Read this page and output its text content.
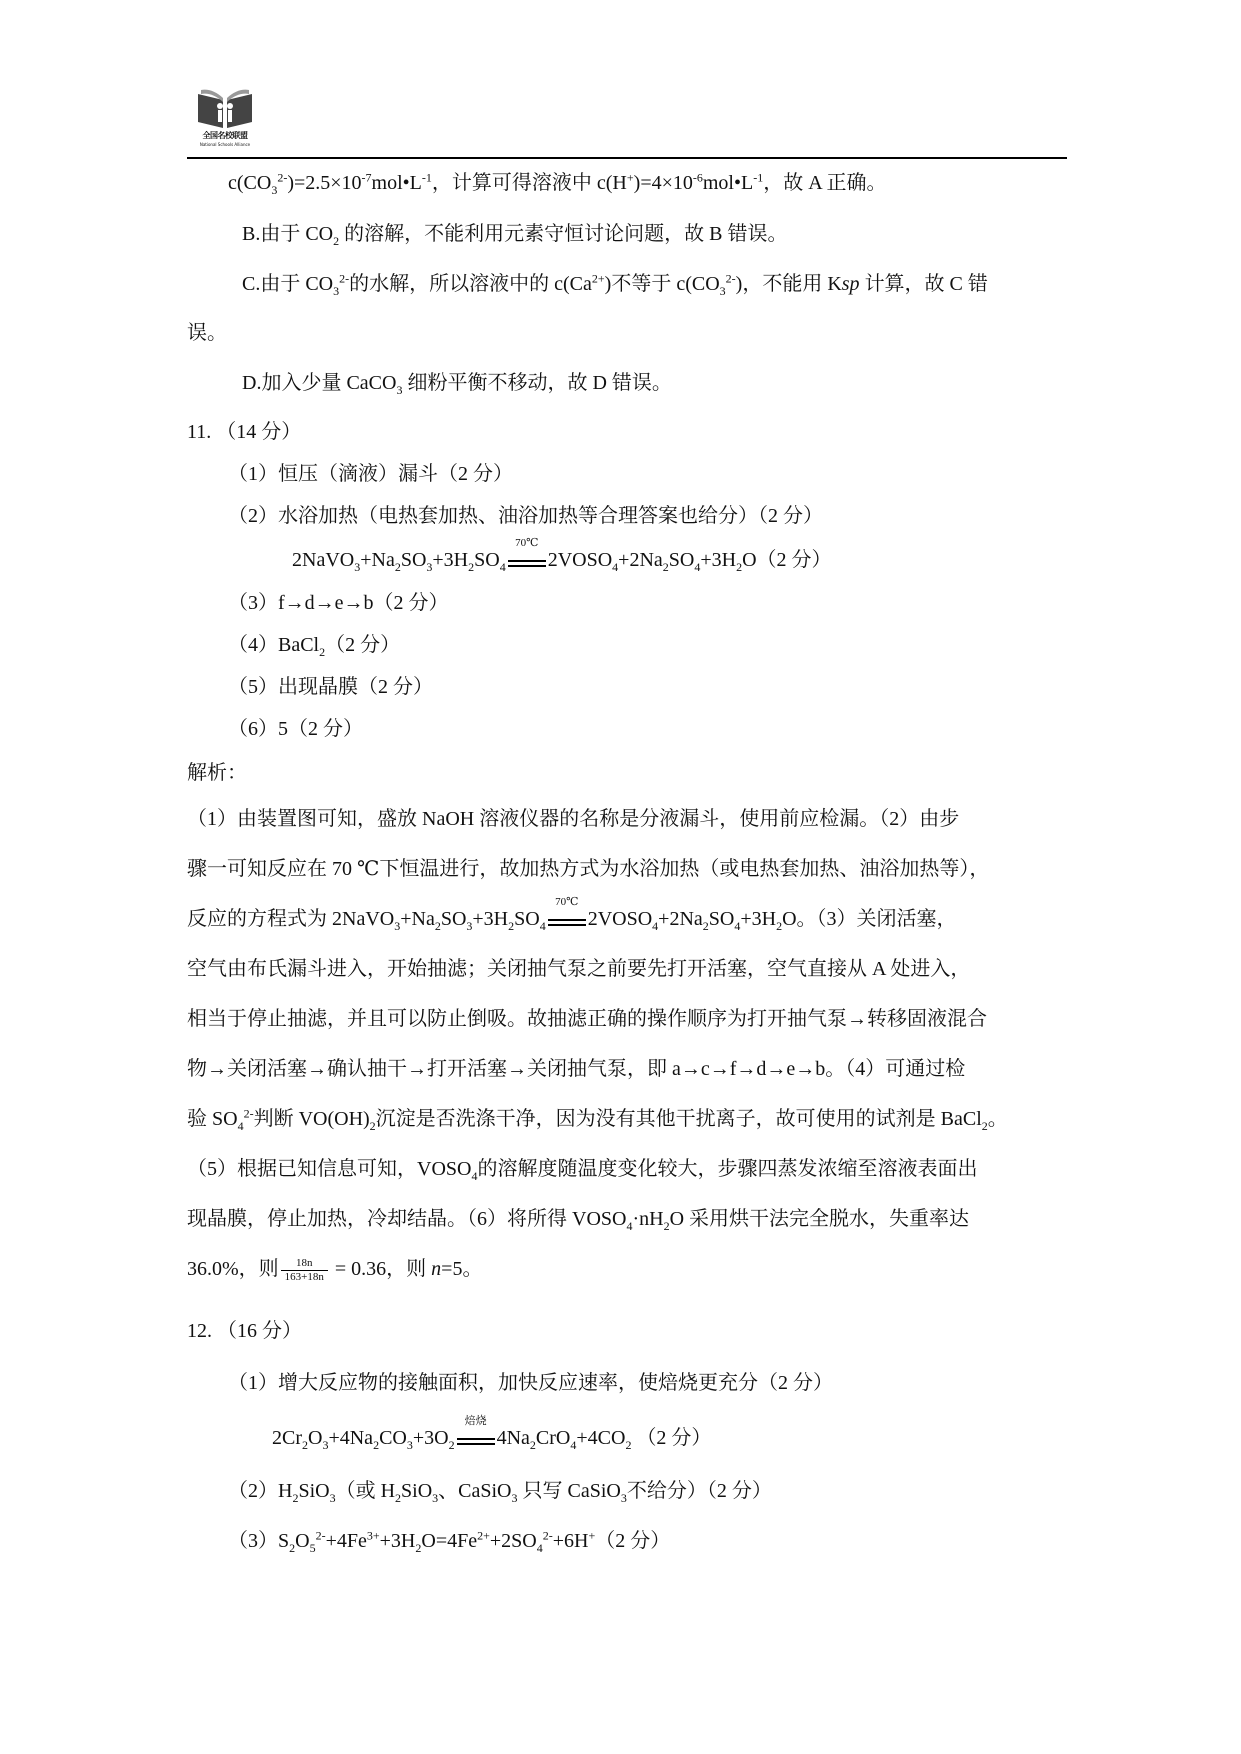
全国名校联盟
National Schools Alliance
$c(CO_3^{2-})=2.5\times 10^{-7}mol•L^{-1}$，计算可得溶液中 $c(H^+)=4\times 10^{-6}mol•L^{-1}$，故 A 正确。
B.由于 $CO_2$ 的溶解，不能利用元素守恒讨论问题，故 B 错误。
C.由于 $CO_3^{2-}$的水解，所以溶液中的 $c(Ca^{2+})$不等于 $c(CO_3^{2-})$，不能用 Ksp 计算，故 C 错
误。
D.加入少量 CaCO$_3$ 细粉平衡不移动，故 D 错误。
11. （14 分）
（1）恒压（滴液）漏斗（2 分）
（2）水浴加热（电热套加热、油浴加热等合理答案也给分）（2 分）
$2NaVO_3+Na_2SO_3+3H_2SO_4$
70℃
$2VOSO_4+2Na_2SO_4+3H_2O(2$ 分）
（3）f→d→e→b（2 分）
（4）BaCl$_2$（2 分）
（5）出现晶膜（2 分）
（6）5（2 分）
解析：
（1）由装置图可知，盛放 NaOH 溶液仪器的名称是分液漏斗，使用前应检漏。（2）由步
骤一可知反应在 70 ℃下恒温进行，故加热方式为水浴加热（或电热套加热、油浴加热等），
反应的方程式为 $2NaVO_3+Na_2SO_3+3H_2SO_4$
70℃
$2VOSO_4+2Na_2SO_4+3H_2O$。（3）关闭活塞，
空气由布氏漏斗进入，开始抽滤；关闭抽气泵之前要先打开活塞，空气直接从 A 处进入，
相当于停止抽滤，并且可以防止倒吸。故抽滤正确的操作顺序为打开抽气泵→转移固液混合
物→关闭活塞→确认抽干→打开活塞→关闭抽气泵，即 a→c→f→d→e→b。（4）可通过检
验 $SO_4^{2-}$判断 $VO(OH)_2$沉淀是否洗涤干净，因为没有其他干扰离子，故可使用的试剂是 BaCl$_2$。
（5）根据已知信息可知，$VOSO_4$的溶解度随温度变化较大，步骤四蒸发浓缩至溶液表面出
现晶膜，停止加热，冷却结晶。（6）将所得 $VOSO_4\cdot nH_2O$ 采用烘干法完全脱水，失重率达
36.0%，则 $\frac{18n}{163+18n} = 0.36$，则 n=5。
12. （16 分）
（1）增大反应物的接触面积，加快反应速率，使焙烧更充分（2 分）
$2Cr_2O_3+4Na_2CO_3+3O_2$
焙烧
$4Na_2CrO_4+4CO_2$ （2 分）
$(2)H_2SiO_3$（或 $H_2SiO_3$、CaSiO$_3$ 只写 CaSiO$_3$不给分）（2 分）
$(3)S_2O_5^{2-}+4Fe^{3+}+3H_2O=4Fe^{2+}+2SO_4^{2-}+6H^+(2$ 分）
